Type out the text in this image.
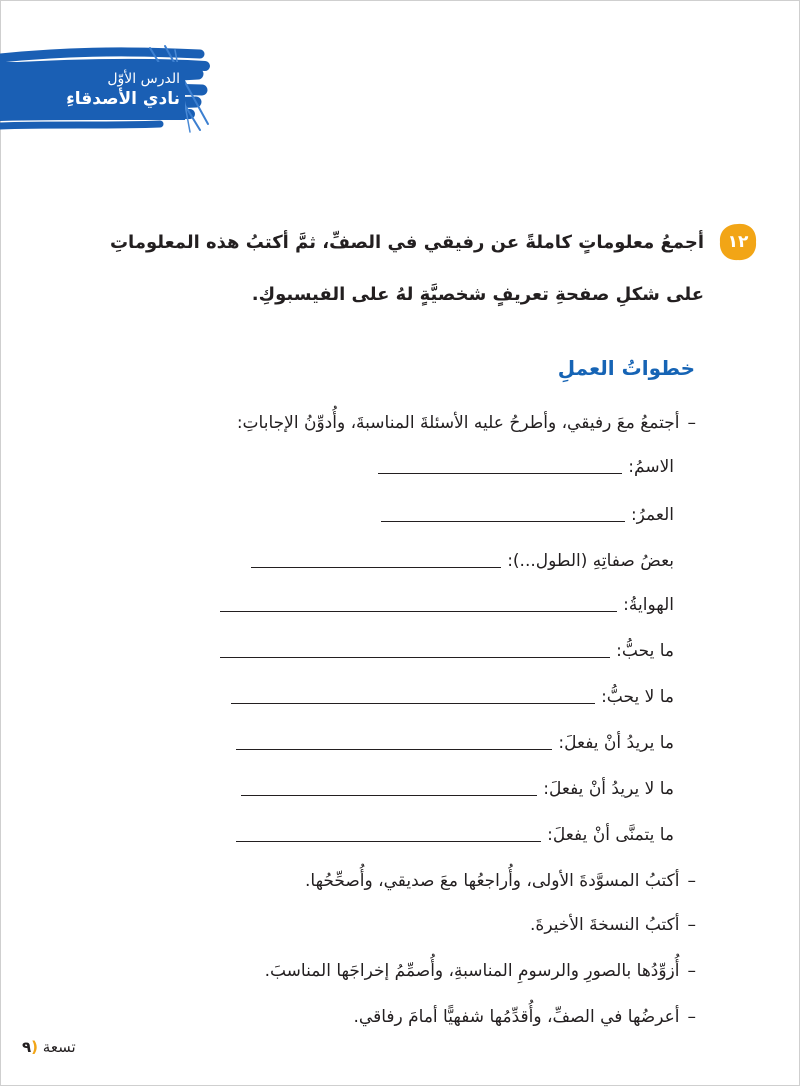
الدرس الأوّل
نادي الأصدقاءِ
١٢
أجمعُ معلوماتٍ كاملةً عن رفيقي في الصفِّ، ثمَّ أكتبُ هذه المعلوماتِ
على شكلِ صفحةِ تعريفٍ شخصيَّةٍ لهُ على الفيسبوكِ.
خطواتُ العملِ
–أجتمعُ معَ رفيقي، وأطرحُ عليه الأسئلةَ المناسبةَ، وأُدوِّنُ الإجاباتِ:
الاسمُ:
العمرُ:
بعضُ صفاتِهِ (الطول...):
الهوايةُ:
ما يحبُّ:
ما لا يحبُّ:
ما يريدُ أنْ يفعلَ:
ما لا يريدُ أنْ يفعلَ:
ما يتمنَّى أنْ يفعلَ:
–أكتبُ المسوَّدةَ الأولى، وأُراجعُها معَ صديقي، وأُصحِّحُها.
–أكتبُ النسخةَ الأخيرةَ.
–أُزوِّدُها بالصورِ والرسومِ المناسبةِ، وأُصمِّمُ إخراجَها المناسبَ.
–أعرضُها في الصفِّ، وأُقدِّمُها شفهيًّا أمامَ رفاقي.
تسعة (٩
